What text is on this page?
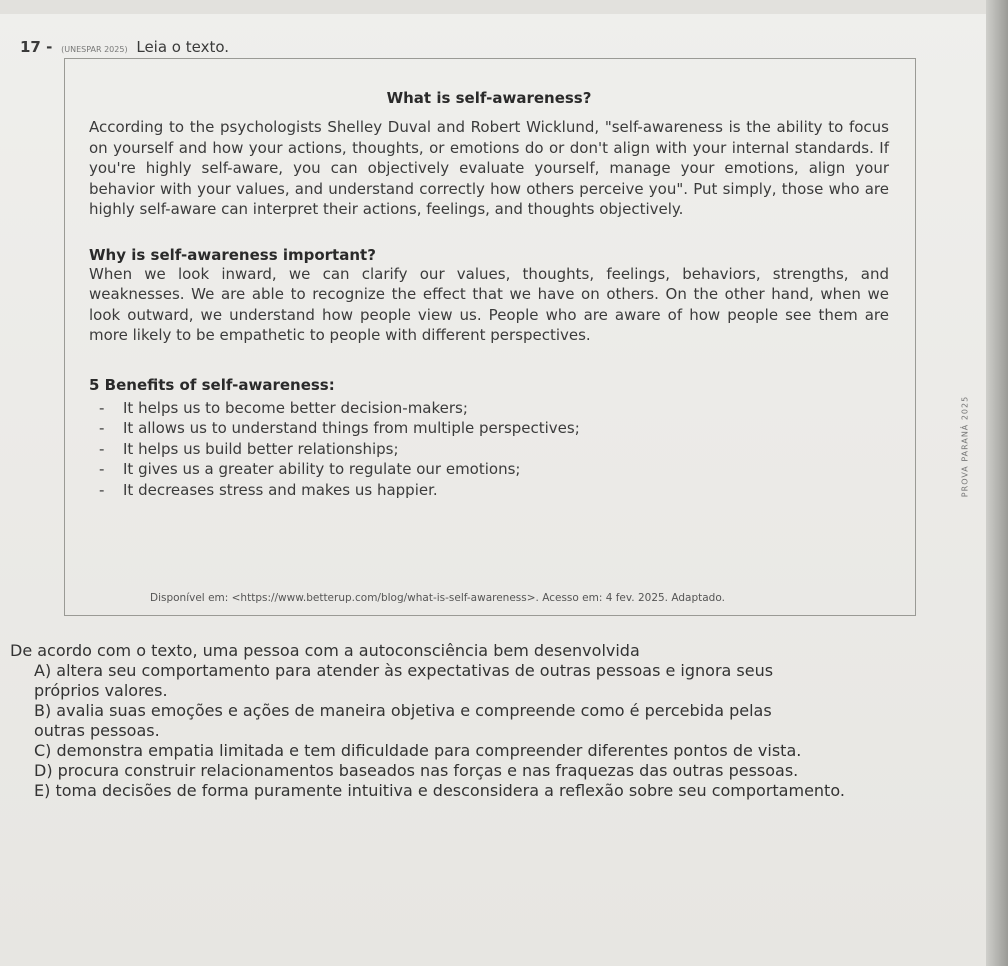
17 - (UNESPAR 2025) Leia o texto.

What is self-awareness?

According to the psychologists Shelley Duval and Robert Wicklund, "self-awareness is the ability to focus on yourself and how your actions, thoughts, or emotions do or don't align with your internal standards. If you're highly self-aware, you can objectively evaluate yourself, manage your emotions, align your behavior with your values, and understand correctly how others perceive you". Put simply, those who are highly self-aware can interpret their actions, feelings, and thoughts objectively.

Why is self-awareness important?

When we look inward, we can clarify our values, thoughts, feelings, behaviors, strengths, and weaknesses. We are able to recognize the effect that we have on others. On the other hand, when we look outward, we understand how people view us. People who are aware of how people see them are more likely to be empathetic to people with different perspectives.

5 Benefits of self-awareness:

- It helps us to become better decision-makers;
- It allows us to understand things from multiple perspectives;
- It helps us build better relationships;
- It gives us a greater ability to regulate our emotions;
- It decreases stress and makes us happier.
Disponível em: <https://www.betterup.com/blog/what-is-self-awareness>. Acesso em: 4 fev. 2025. Adaptado.
PROVA PARANÁ 2025

De acordo com o texto, uma pessoa com a autoconsciência bem desenvolvida

A) altera seu comportamento para atender às expectativas de outras pessoas e ignora seus

próprios valores.

B) avalia suas emoções e ações de maneira objetiva e compreende como é percebida pelas

outras pessoas.

C) demonstra empatia limitada e tem dificuldade para compreender diferentes pontos de vista.

D) procura construir relacionamentos baseados nas forças e nas fraquezas das outras pessoas.

E) toma decisões de forma puramente intuitiva e desconsidera a reflexão sobre seu comportamento.
